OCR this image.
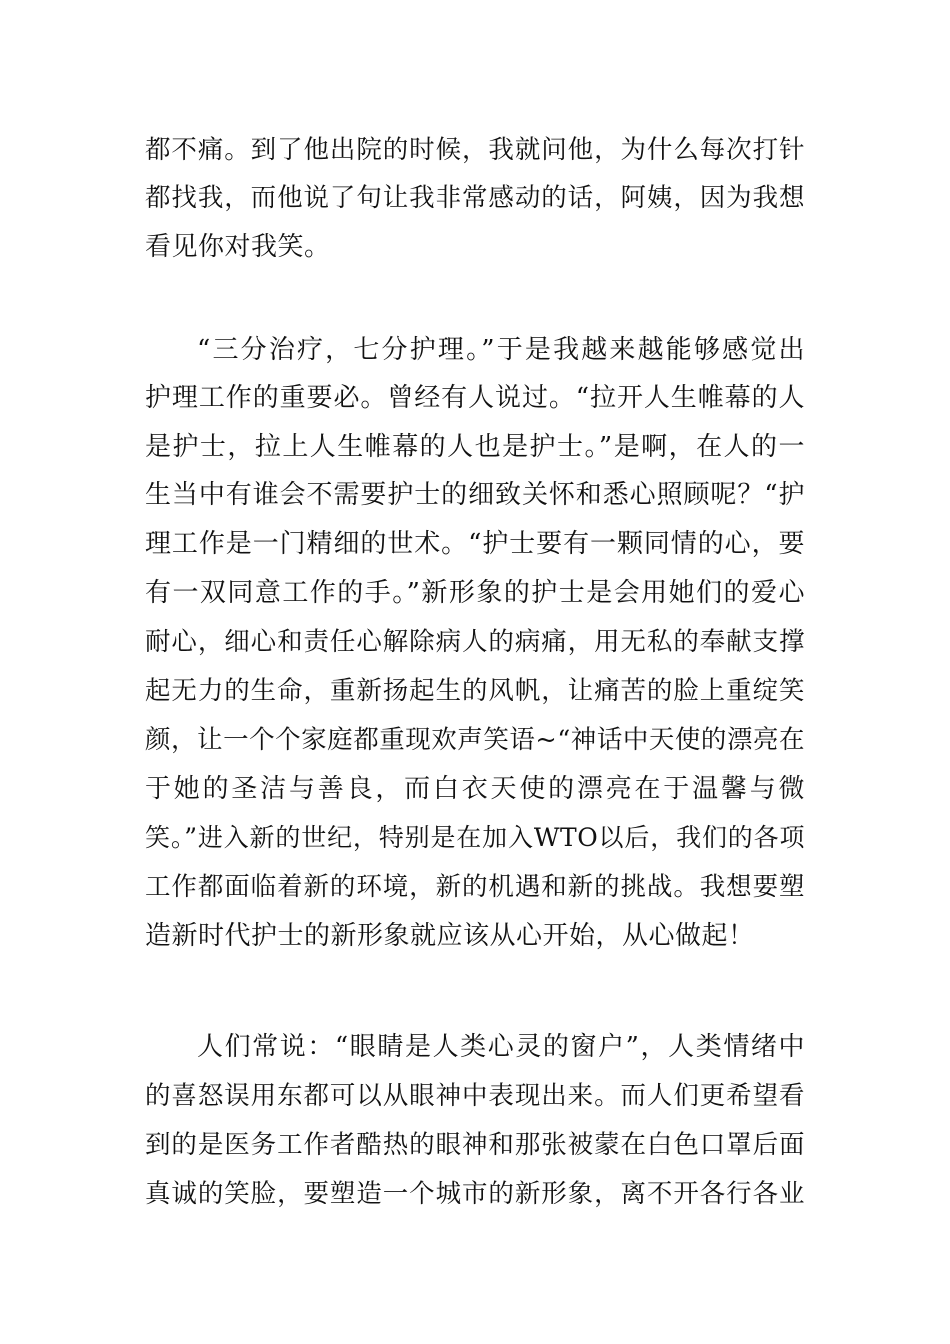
都不痛。到了他出院的时候，我就问他，为什么每次打针
都找我，而他说了句让我非常感动的话，阿姨，因为我想
看见你对我笑。
“三分治疗，七分护理。”于是我越来越能够感觉出
护理工作的重要必。曾经有人说过。“拉开人生帷幕的人
是护士，拉上人生帷幕的人也是护士。”是啊，在人的一
生当中有谁会不需要护士的细致关怀和悉心照顾呢？“护
理工作是一门精细的世术。“护士要有一颗同情的心，要
有一双同意工作的手。”新形象的护士是会用她们的爱心
耐心，细心和责任心解除病人的病痛，用无私的奉献支撑
起无力的生命，重新扬起生的风帆，让痛苦的脸上重绽笑
颜，让一个个家庭都重现欢声笑语~“神话中天使的漂亮在
于她的圣洁与善良，而白衣天使的漂亮在于温馨与微
笑。”进入新的世纪，特别是在加入WTO以后，我们的各项
工作都面临着新的环境，新的机遇和新的挑战。我想要塑
造新时代护士的新形象就应该从心开始，从心做起！
人们常说：“眼睛是人类心灵的窗户”，人类情绪中
的喜怒误用东都可以从眼神中表现出来。而人们更希望看
到的是医务工作者酷热的眼神和那张被蒙在白色口罩后面
真诚的笑脸，要塑造一个城市的新形象，离不开各行各业
